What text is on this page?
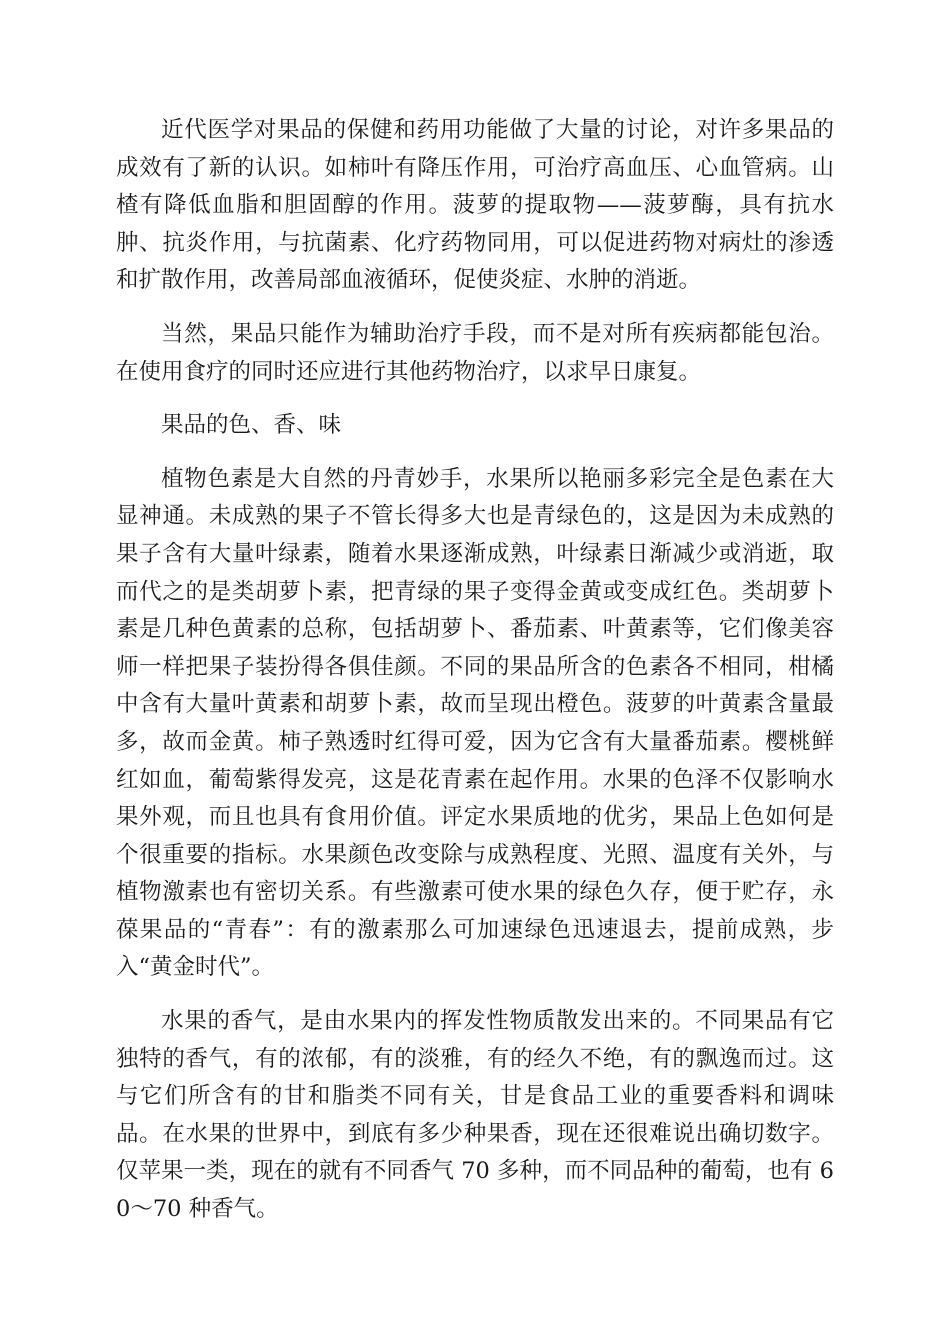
近代医学对果品的保健和药用功能做了大量的讨论，对许多果品的成效有了新的认识。如柿叶有降压作用，可治疗高血压、心血管病。山楂有降低血脂和胆固醇的作用。菠萝的提取物——菠萝酶，具有抗水肿、抗炎作用，与抗菌素、化疗药物同用，可以促进药物对病灶的渗透和扩散作用，改善局部血液循环，促使炎症、水肿的消逝。

当然，果品只能作为辅助治疗手段，而不是对所有疾病都能包治。在使用食疗的同时还应进行其他药物治疗，以求早日康复。

果品的色、香、味

植物色素是大自然的丹青妙手，水果所以艳丽多彩完全是色素在大显神通。未成熟的果子不管长得多大也是青绿色的，这是因为未成熟的果子含有大量叶绿素，随着水果逐渐成熟，叶绿素日渐减少或消逝，取而代之的是类胡萝卜素，把青绿的果子变得金黄或变成红色。类胡萝卜素是几种色黄素的总称，包括胡萝卜、番茄素、叶黄素等，它们像美容师一样把果子装扮得各俱佳颜。不同的果品所含的色素各不相同，柑橘中含有大量叶黄素和胡萝卜素，故而呈现出橙色。菠萝的叶黄素含量最多，故而金黄。柿子熟透时红得可爱，因为它含有大量番茄素。樱桃鲜红如血，葡萄紫得发亮，这是花青素在起作用。水果的色泽不仅影响水果外观，而且也具有食用价值。评定水果质地的优劣，果品上色如何是个很重要的指标。水果颜色改变除与成熟程度、光照、温度有关外，与植物激素也有密切关系。有些激素可使水果的绿色久存，便于贮存，永葆果品的“青春”：有的激素那么可加速绿色迅速退去，提前成熟，步入“黄金时代”。

水果的香气，是由水果内的挥发性物质散发出来的。不同果品有它独特的香气，有的浓郁，有的淡雅，有的经久不绝，有的飘逸而过。这与它们所含有的甘和脂类不同有关，甘是食品工业的重要香料和调味品。在水果的世界中，到底有多少种果香，现在还很难说出确切数字。仅苹果一类，现在的就有不同香气 70 多种，而不同品种的葡萄，也有 60～70 种香气。
